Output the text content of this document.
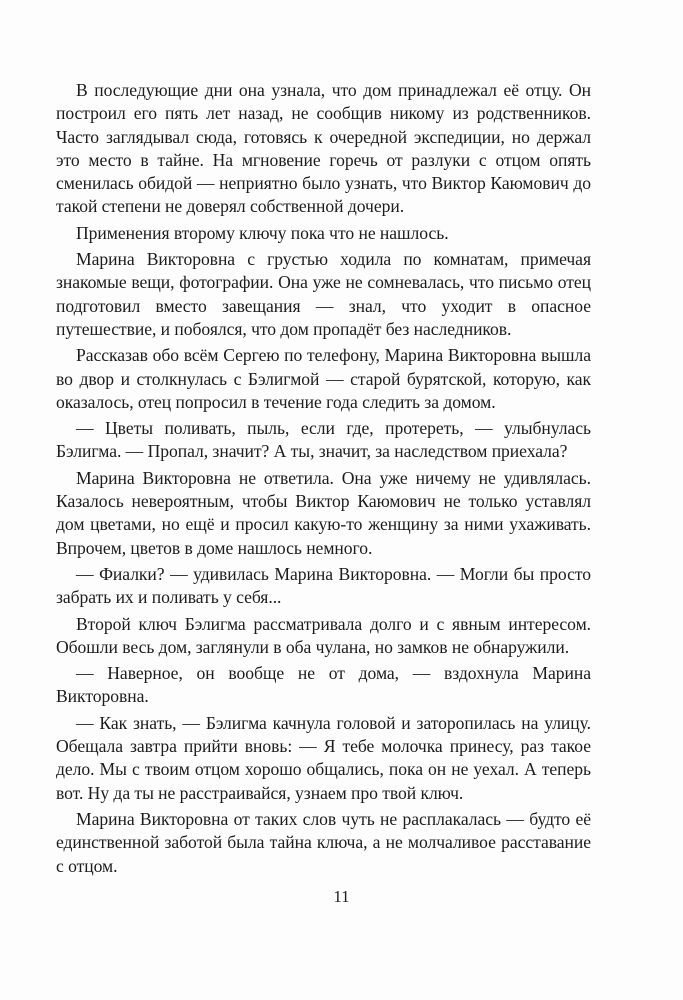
В последующие дни она узнала, что дом принадлежал её отцу. Он построил его пять лет назад, не сообщив никому из родственников. Часто заглядывал сюда, готовясь к очередной экспедиции, но держал это место в тайне. На мгновение горечь от разлуки с отцом опять сменилась обидой — неприятно было узнать, что Виктор Каюмович до такой степени не доверял собственной дочери.

Применения второму ключу пока что не нашлось.

Марина Викторовна с грустью ходила по комнатам, примечая знакомые вещи, фотографии. Она уже не сомневалась, что письмо отец подготовил вместо завещания — знал, что уходит в опасное путешествие, и побоялся, что дом пропадёт без наследников.

Рассказав обо всём Сергею по телефону, Марина Викторовна вышла во двор и столкнулась с Бэлигмой — старой бурятской, которую, как оказалось, отец попросил в течение года следить за домом.

— Цветы поливать, пыль, если где, протереть, — улыбнулась Бэлигма. — Пропал, значит? А ты, значит, за наследством приехала?

Марина Викторовна не ответила. Она уже ничему не удивлялась. Казалось невероятным, чтобы Виктор Каюмович не только уставлял дом цветами, но ещё и просил какую-то женщину за ними ухаживать. Впрочем, цветов в доме нашлось немного.

— Фиалки? — удивилась Марина Викторовна. — Могли бы просто забрать их и поливать у себя...

Второй ключ Бэлигма рассматривала долго и с явным интересом. Обошли весь дом, заглянули в оба чулана, но замков не обнаружили.

— Наверное, он вообще не от дома, — вздохнула Марина Викторовна.

— Как знать, — Бэлигма качнула головой и заторопилась на улицу. Обещала завтра прийти вновь: — Я тебе молочка принесу, раз такое дело. Мы с твоим отцом хорошо общались, пока он не уехал. А теперь вот. Ну да ты не расстраивайся, узнаем про твой ключ.

Марина Викторовна от таких слов чуть не расплакалась — будто её единственной заботой была тайна ключа, а не молчаливое расставание с отцом.

11
